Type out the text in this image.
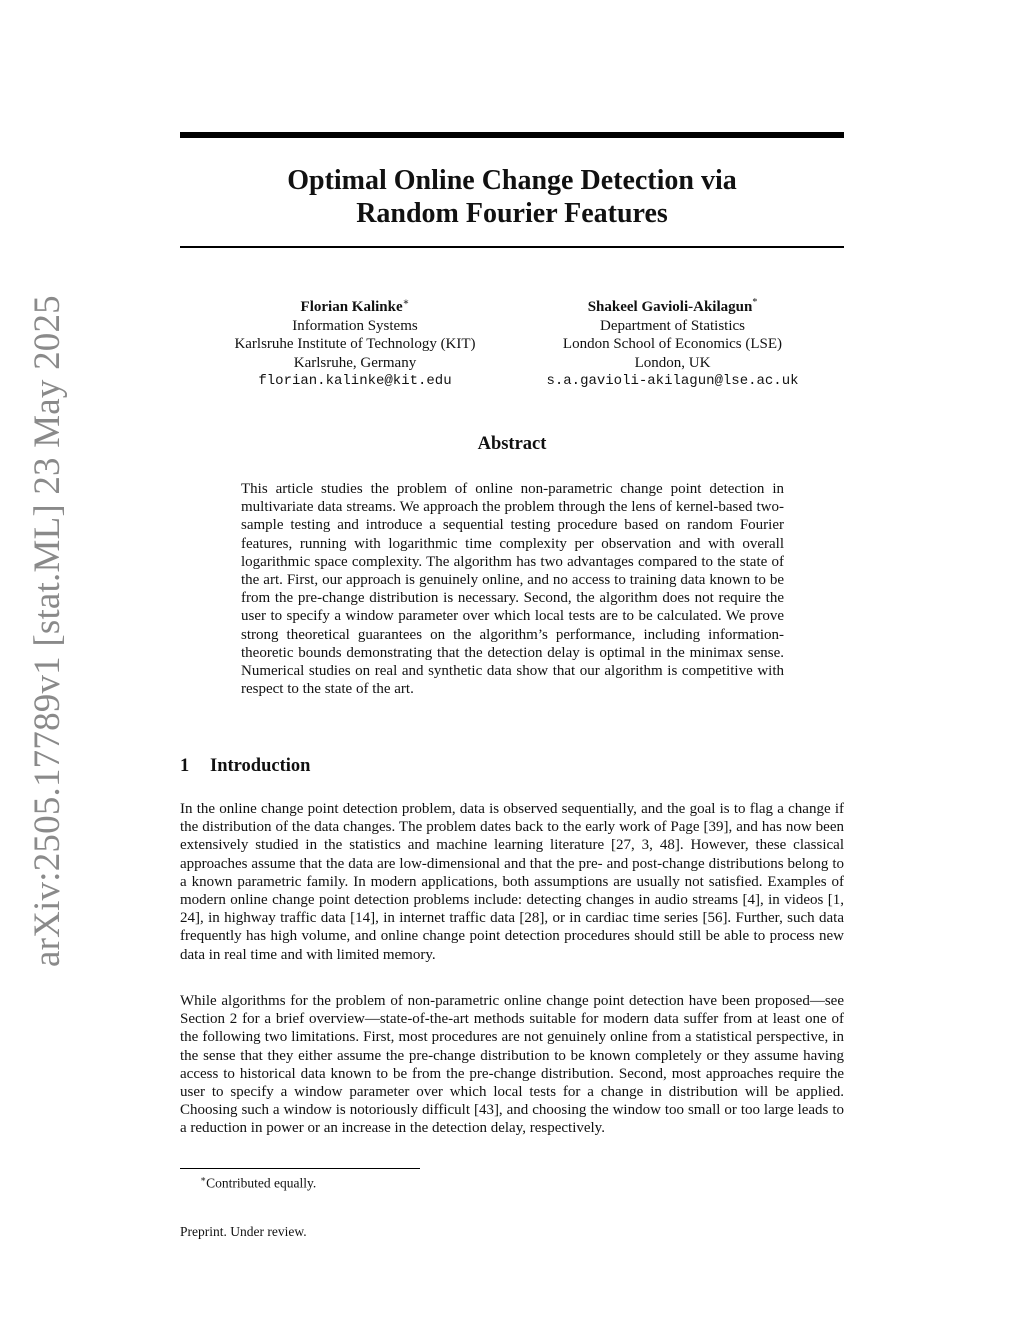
arXiv:2505.17789v1 [stat.ML] 23 May 2025
Optimal Online Change Detection via
Random Fourier Features
Florian Kalinke∗
Information Systems
Karlsruhe Institute of Technology (KIT)
Karlsruhe, Germany
florian.kalinke@kit.edu
Shakeel Gavioli-Akilagun*
Department of Statistics
London School of Economics (LSE)
London, UK
s.a.gavioli-akilagun@lse.ac.uk
Abstract

This article studies the problem of online non-parametric change point detection in multivariate data streams. We approach the problem through the lens of kernel-based two-sample testing and introduce a sequential testing procedure based on random Fourier features, running with logarithmic time complexity per observation and with overall logarithmic space complexity. The algorithm has two advantages compared to the state of the art. First, our approach is genuinely online, and no access to training data known to be from the pre-change distribution is necessary. Second, the algorithm does not require the user to specify a window parameter over which local tests are to be calculated. We prove strong theoretical guarantees on the algorithm’s performance, including information-theoretic bounds demonstrating that the detection delay is optimal in the minimax sense. Numerical studies on real and synthetic data show that our algorithm is competitive with respect to the state of the art.

1 Introduction

In the online change point detection problem, data is observed sequentially, and the goal is to flag a change if the distribution of the data changes. The problem dates back to the early work of Page [39], and has now been extensively studied in the statistics and machine learning literature [27, 3, 48]. However, these classical approaches assume that the data are low-dimensional and that the pre- and post-change distributions belong to a known parametric family. In modern applications, both assumptions are usually not satisfied. Examples of modern online change point detection problems include: detecting changes in audio streams [4], in videos [1, 24], in highway traffic data [14], in internet traffic data [28], or in cardiac time series [56]. Further, such data frequently has high volume, and online change point detection procedures should still be able to process new data in real time and with limited memory.

While algorithms for the problem of non-parametric online change point detection have been proposed—see Section 2 for a brief overview—state-of-the-art methods suitable for modern data suffer from at least one of the following two limitations. First, most procedures are not genuinely online from a statistical perspective, in the sense that they either assume the pre-change distribution to be known completely or they assume having access to historical data known to be from the pre-change distribution. Second, most approaches require the user to specify a window parameter over which local tests for a change in distribution will be applied. Choosing such a window is notoriously difficult [43], and choosing the window too small or too large leads to a reduction in power or an increase in the detection delay, respectively.

∗Contributed equally.

Preprint. Under review.
